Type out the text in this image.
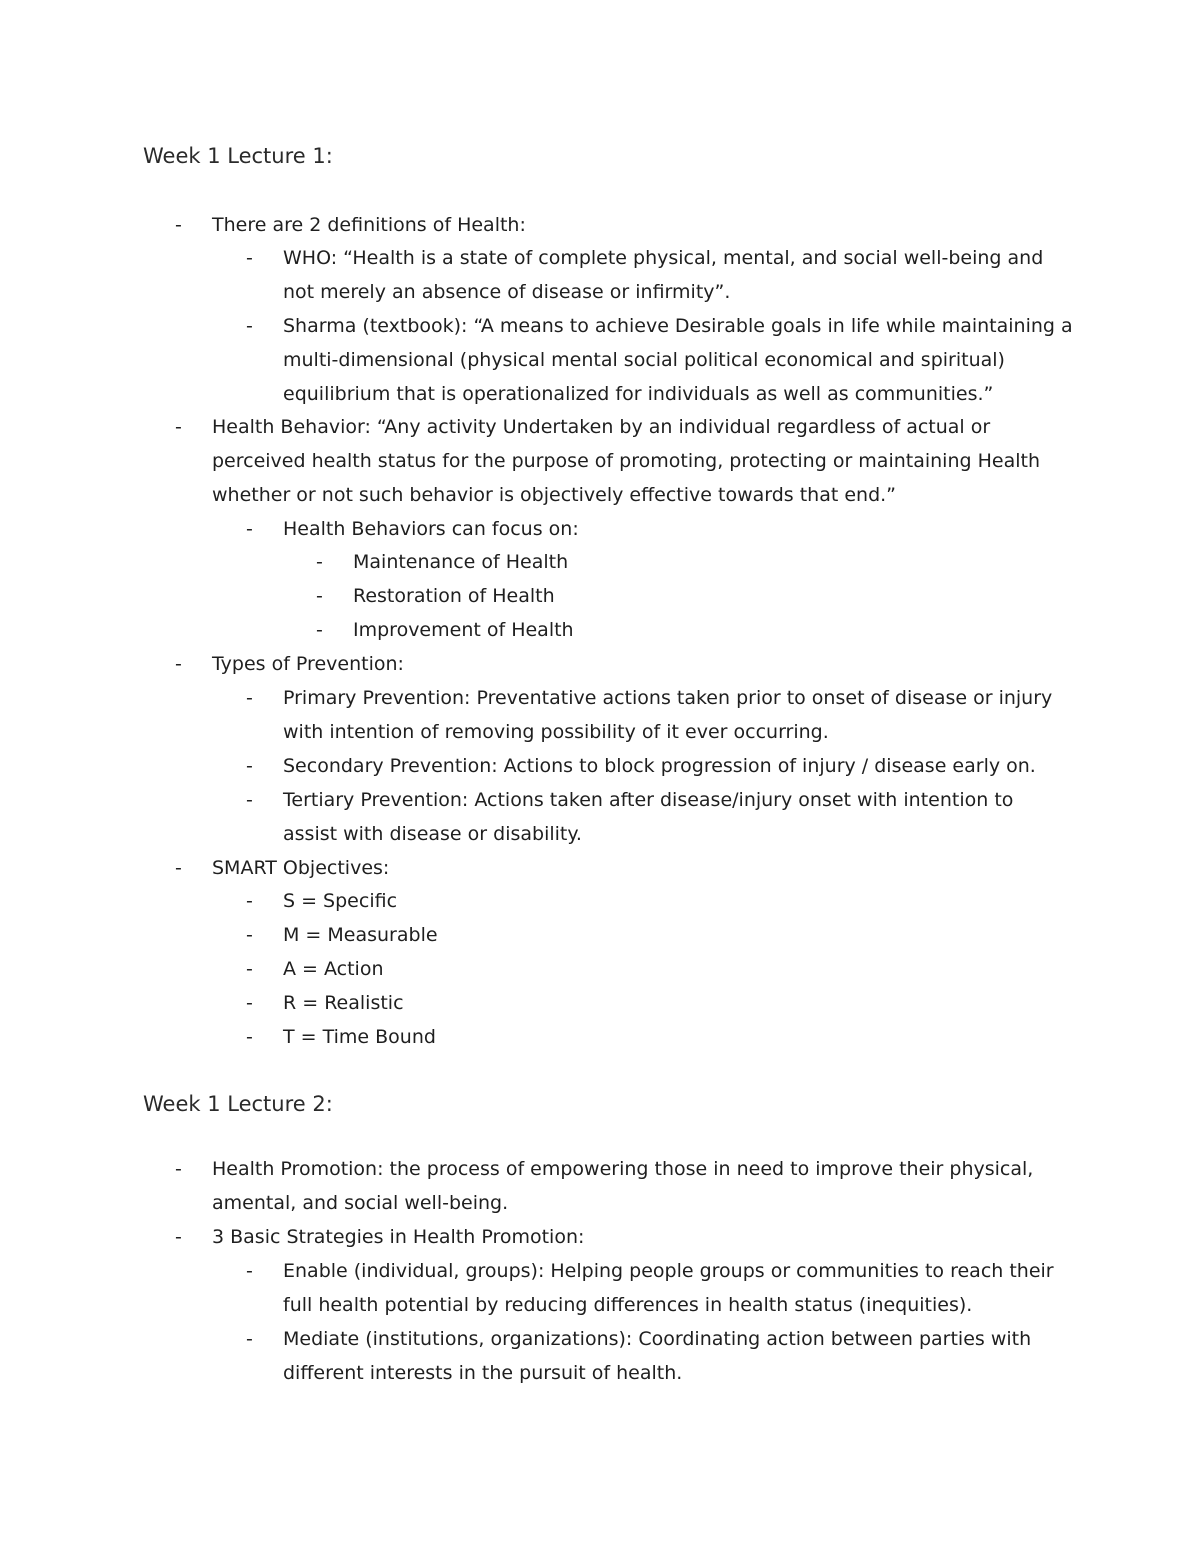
Week 1 Lecture 1:
-	There are 2 definitions of Health:
-	WHO: “Health is a state of complete physical, mental, and social well-being and not merely an absence of disease or infirmity”.
-	Sharma (textbook): “A means to achieve Desirable goals in life while maintaining a multi-dimensional (physical mental social political economical and spiritual) equilibrium that is operationalized for individuals as well as communities.”
-	Health Behavior: “Any activity Undertaken by an individual regardless of actual or perceived health status for the purpose of promoting, protecting or maintaining Health whether or not such behavior is objectively effective towards that end.”
-	Health Behaviors can focus on:
-	Maintenance of Health
-	Restoration of Health
-	Improvement of Health
-	Types of Prevention:
-	Primary Prevention: Preventative actions taken prior to onset of disease or injury with intention of removing possibility of it ever occurring.
-	Secondary Prevention: Actions to block progression of injury / disease early on.
-	Tertiary Prevention: Actions taken after disease/injury onset with intention to assist with disease or disability.
-	SMART Objectives:
-	S = Specific
-	M = Measurable
-	A = Action
-	R = Realistic
-	T = Time Bound
Week 1 Lecture 2:
-	Health Promotion: the process of empowering those in need to improve their physical, amental, and social well-being.
-	3 Basic Strategies in Health Promotion:
-	Enable (individual, groups): Helping people groups or communities to reach their full health potential by reducing differences in health status (inequities).
-	Mediate (institutions, organizations): Coordinating action between parties with different interests in the pursuit of health.
